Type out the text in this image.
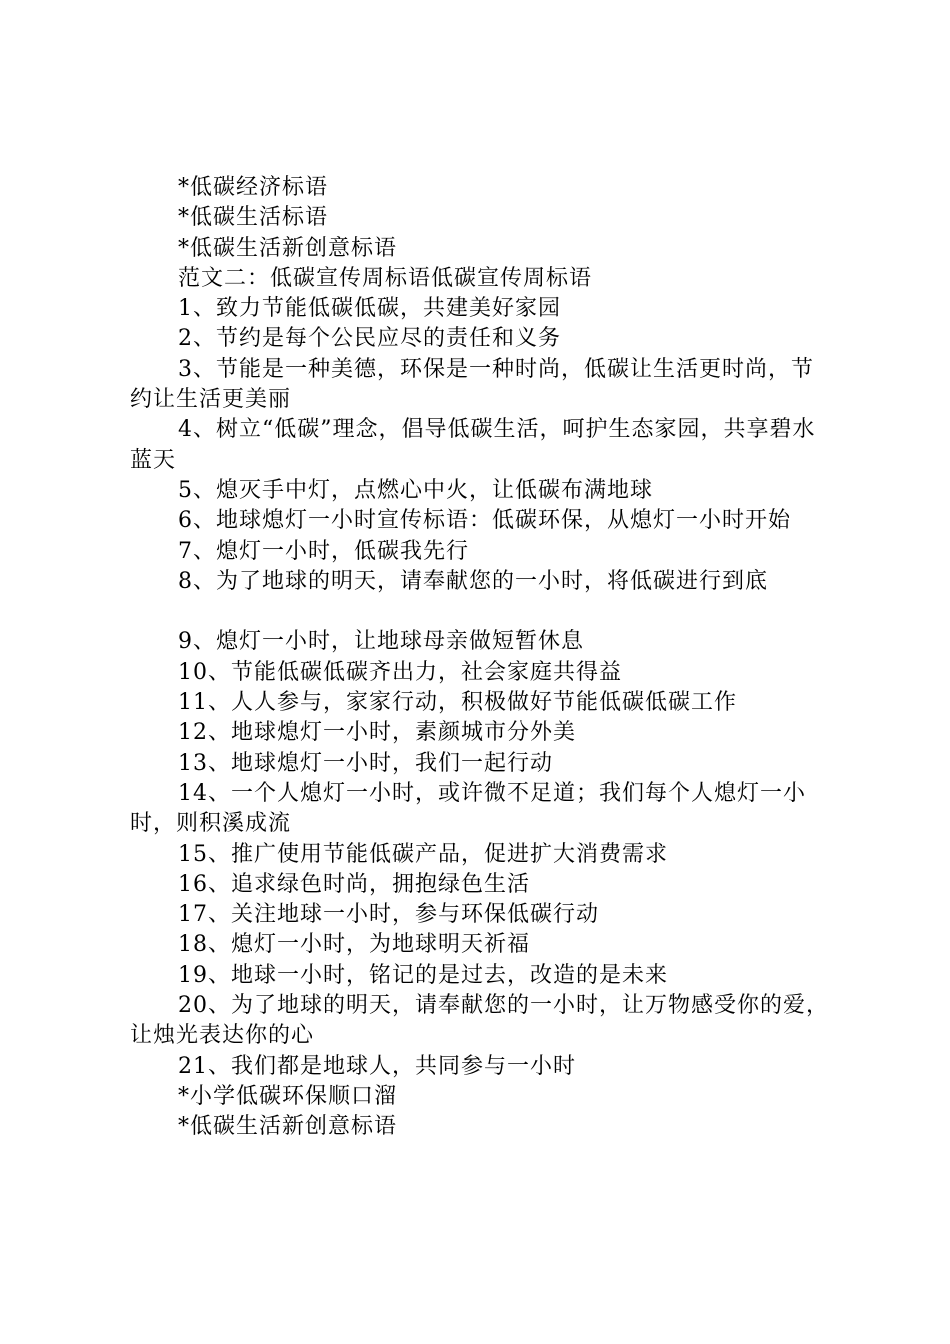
*低碳经济标语

*低碳生活标语

*低碳生活新创意标语

范文二：低碳宣传周标语低碳宣传周标语

1、致力节能低碳低碳，共建美好家园

2、节约是每个公民应尽的责任和义务

3、节能是一种美德，环保是一种时尚，低碳让生活更时尚，节约让生活更美丽

4、树立“低碳”理念，倡导低碳生活，呵护生态家园，共享碧水蓝天

5、熄灭手中灯，点燃心中火，让低碳布满地球

6、地球熄灯一小时宣传标语：低碳环保，从熄灯一小时开始

7、熄灯一小时，低碳我先行

8、为了地球的明天，请奉献您的一小时，将低碳进行到底

9、熄灯一小时，让地球母亲做短暂休息

10、节能低碳低碳齐出力，社会家庭共得益

11、人人参与，家家行动，积极做好节能低碳低碳工作

12、地球熄灯一小时，素颜城市分外美

13、地球熄灯一小时，我们一起行动

14、一个人熄灯一小时，或许微不足道；我们每个人熄灯一小时，则积溪成流

15、推广使用节能低碳产品，促进扩大消费需求

16、追求绿色时尚，拥抱绿色生活

17、关注地球一小时，参与环保低碳行动

18、熄灯一小时，为地球明天祈福

19、地球一小时，铭记的是过去，改造的是未来

20、为了地球的明天，请奉献您的一小时，让万物感受你的爱，让烛光表达你的心

21、我们都是地球人，共同参与一小时

*小学低碳环保顺口溜

*低碳生活新创意标语
